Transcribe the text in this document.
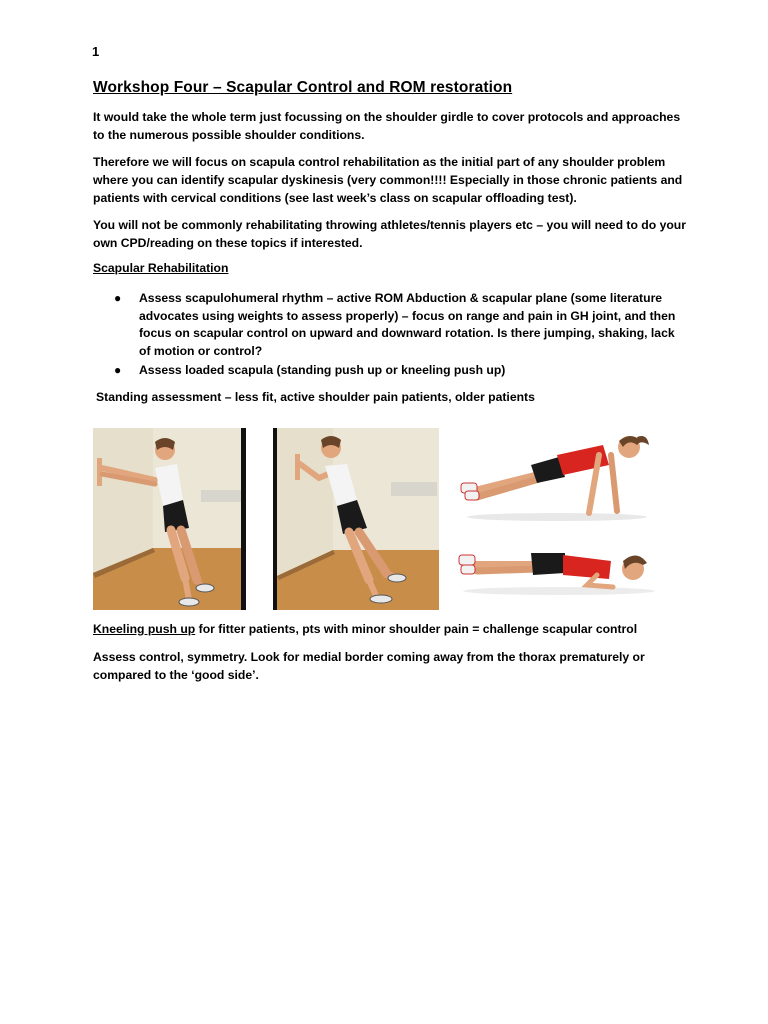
1
Workshop Four – Scapular Control and ROM restoration

It would take the whole term just focussing on the shoulder girdle to cover protocols and approaches to the numerous possible shoulder conditions.

Therefore we will focus on scapula control rehabilitation as the initial part of any shoulder problem where you can identify scapular dyskinesis (very common!!!! Especially in those chronic patients and patients with cervical conditions (see last week’s class on scapular offloading test).

You will not be commonly rehabilitating throwing athletes/tennis players etc – you will need to do your own CPD/reading on these topics if interested.

Scapular Rehabilitation

● Assess scapulohumeral rhythm – active ROM Abduction & scapular plane (some literature advocates using weights to assess properly) – focus on range and pain in GH joint, and then focus on scapular control on upward and downward rotation. Is there jumping, shaking, lack of motion or control?
● Assess loaded scapula (standing push up or kneeling push up)

Standing assessment – less fit, active shoulder pain patients, older patients

Kneeling push up for fitter patients, pts with minor shoulder pain = challenge scapular control

Assess control, symmetry. Look for medial border coming away from the thorax prematurely or compared to the ‘good side’.
